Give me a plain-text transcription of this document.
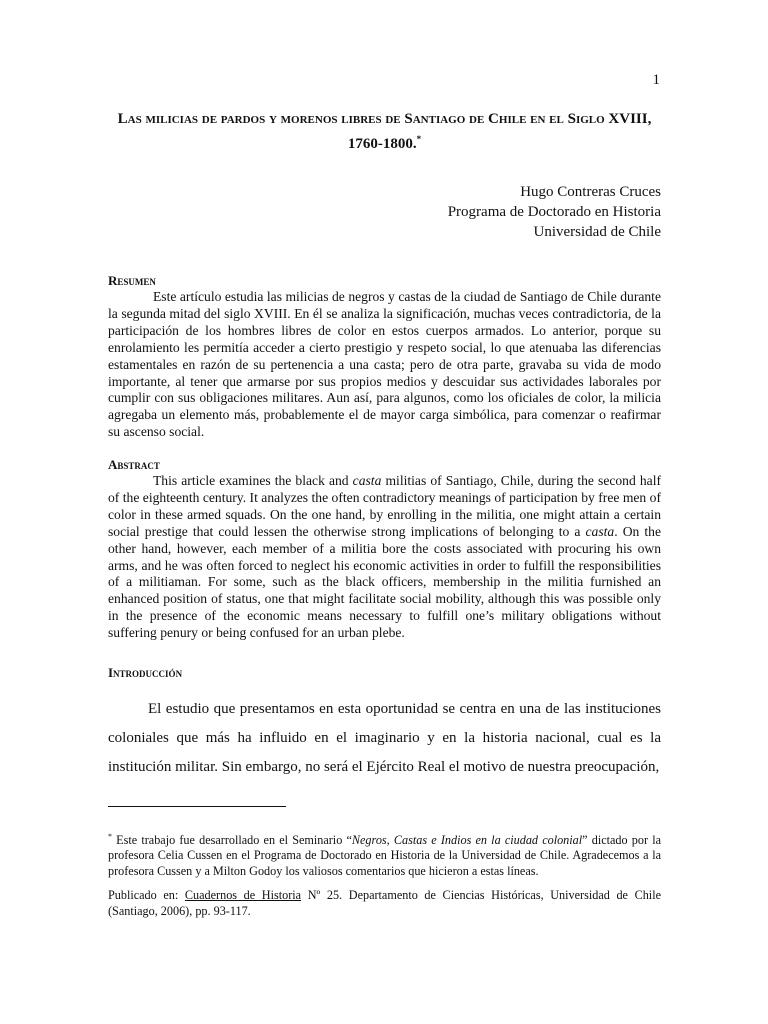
1
Las milicias de pardos y morenos libres de Santiago de Chile en el Siglo XVIII,
1760-1800.*
Hugo Contreras Cruces
Programa de Doctorado en Historia
Universidad de Chile
Resumen

Este artículo estudia las milicias de negros y castas de la ciudad de Santiago de Chile durante la segunda mitad del siglo XVIII. En él se analiza la significación, muchas veces contradictoria, de la participación de los hombres libres de color en estos cuerpos armados. Lo anterior, porque su enrolamiento les permitía acceder a cierto prestigio y respeto social, lo que atenuaba las diferencias estamentales en razón de su pertenencia a una casta; pero de otra parte, gravaba su vida de modo importante, al tener que armarse por sus propios medios y descuidar sus actividades laborales por cumplir con sus obligaciones militares. Aun así, para algunos, como los oficiales de color, la milicia agregaba un elemento más, probablemente el de mayor carga simbólica, para comenzar o reafirmar su ascenso social.

Abstract

This article examines the black and casta militias of Santiago, Chile, during the second half of the eighteenth century. It analyzes the often contradictory meanings of participation by free men of color in these armed squads. On the one hand, by enrolling in the militia, one might attain a certain social prestige that could lessen the otherwise strong implications of belonging to a casta. On the other hand, however, each member of a militia bore the costs associated with procuring his own arms, and he was often forced to neglect his economic activities in order to fulfill the responsibilities of a militiaman. For some, such as the black officers, membership in the militia furnished an enhanced position of status, one that might facilitate social mobility, although this was possible only in the presence of the economic means necessary to fulfill one’s military obligations without suffering penury or being confused for an urban plebe.

Introducción

El estudio que presentamos en esta oportunidad se centra en una de las instituciones coloniales que más ha influido en el imaginario y en la historia nacional, cual es la institución militar. Sin embargo, no será el Ejército Real el motivo de nuestra preocupación,

* Este trabajo fue desarrollado en el Seminario “Negros, Castas e Indios en la ciudad colonial” dictado por la profesora Celia Cussen en el Programa de Doctorado en Historia de la Universidad de Chile. Agradecemos a la profesora Cussen y a Milton Godoy los valiosos comentarios que hicieron a estas líneas.

Publicado en: Cuadernos de Historia Nº 25. Departamento de Ciencias Históricas, Universidad de Chile (Santiago, 2006), pp. 93-117.
